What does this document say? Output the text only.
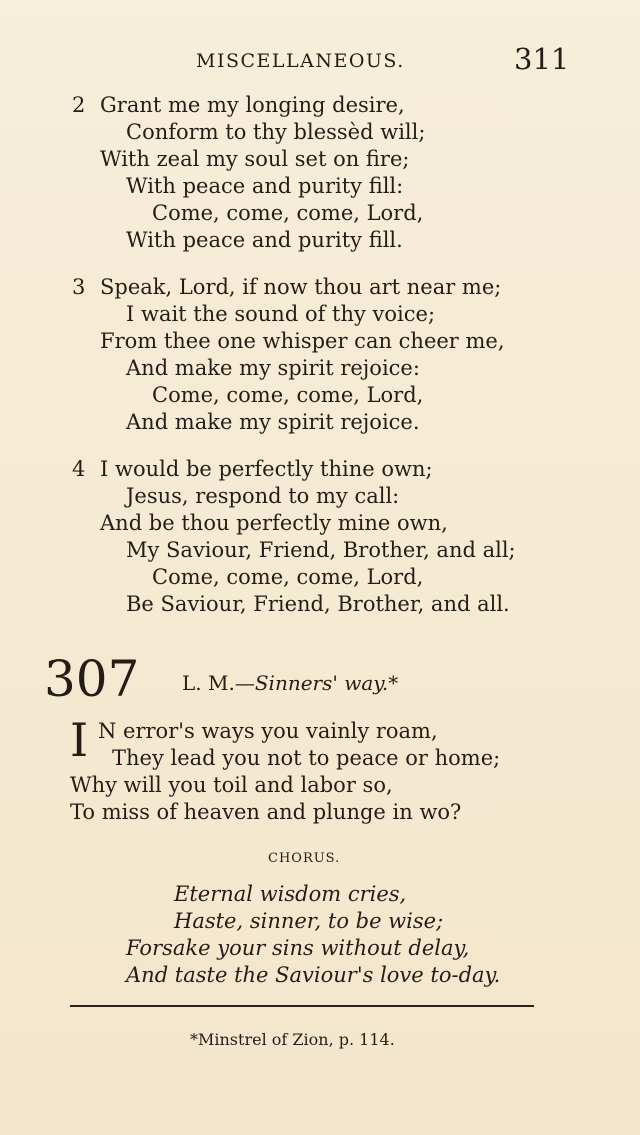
MISCELLANEOUS.	311
2 Grant me my longing desire,
Conform to thy blessèd will;
With zeal my soul set on fire;
With peace and purity fill:
Come, come, come, Lord,
With peace and purity fill.
3 Speak, Lord, if now thou art near me;
I wait the sound of thy voice;
From thee one whisper can cheer me,
And make my spirit rejoice:
Come, come, come, Lord,
And make my spirit rejoice.
4 I would be perfectly thine own;
Jesus, respond to my call:
And be thou perfectly mine own,
My Saviour, Friend, Brother, and all;
Come, come, come, Lord,
Be Saviour, Friend, Brother, and all.
307 L. M.—Sinners' way.*
I N error's ways you vainly roam,
They lead you not to peace or home;
Why will you toil and labor so,
To miss of heaven and plunge in wo?
CHORUS.
Eternal wisdom cries,
Haste, sinner, to be wise;
Forsake your sins without delay,
And taste the Saviour's love to-day.
*Minstrel of Zion, p. 114.
